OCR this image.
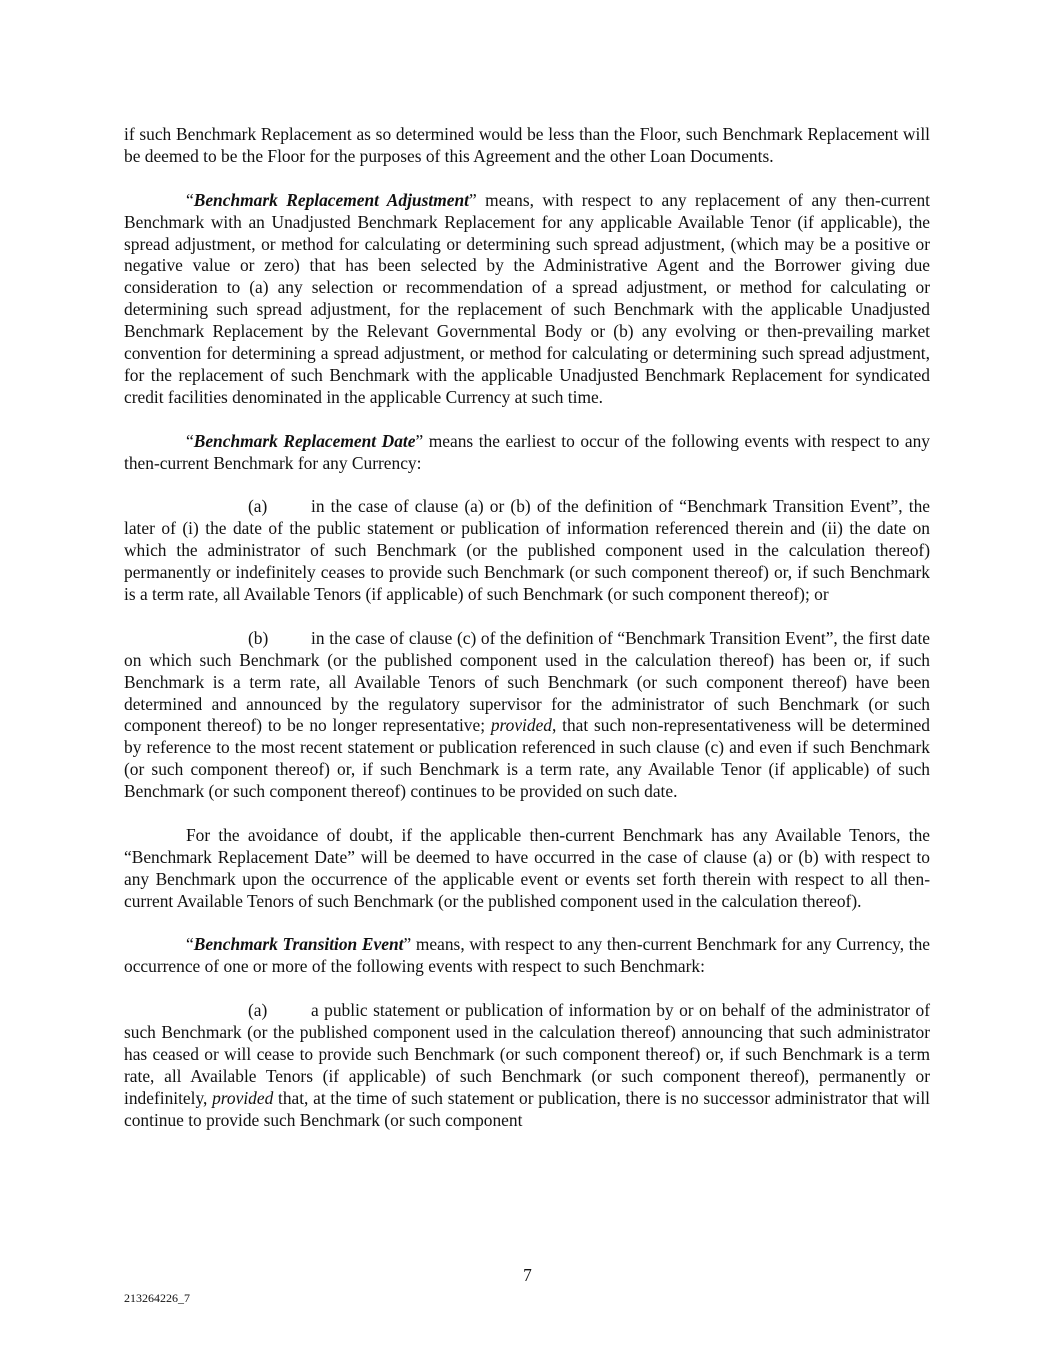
if such Benchmark Replacement as so determined would be less than the Floor, such Benchmark Replacement will be deemed to be the Floor for the purposes of this Agreement and the other Loan Documents.

“Benchmark Replacement Adjustment” means, with respect to any replacement of any then-current Benchmark with an Unadjusted Benchmark Replacement for any applicable Available Tenor (if applicable), the spread adjustment, or method for calculating or determining such spread adjustment, (which may be a positive or negative value or zero) that has been selected by the Administrative Agent and the Borrower giving due consideration to (a) any selection or recommendation of a spread adjustment, or method for calculating or determining such spread adjustment, for the replacement of such Benchmark with the applicable Unadjusted Benchmark Replacement by the Relevant Governmental Body or (b) any evolving or then-prevailing market convention for determining a spread adjustment, or method for calculating or determining such spread adjustment, for the replacement of such Benchmark with the applicable Unadjusted Benchmark Replacement for syndicated credit facilities denominated in the applicable Currency at such time.

“Benchmark Replacement Date” means the earliest to occur of the following events with respect to any then-current Benchmark for any Currency:

(a)	in the case of clause (a) or (b) of the definition of “Benchmark Transition Event”, the later of (i) the date of the public statement or publication of information referenced therein and (ii) the date on which the administrator of such Benchmark (or the published component used in the calculation thereof) permanently or indefinitely ceases to provide such Benchmark (or such component thereof) or, if such Benchmark is a term rate, all Available Tenors (if applicable) of such Benchmark (or such component thereof); or

(b) in the case of clause (c) of the definition of “Benchmark Transition Event”, the first date on which such Benchmark (or the published component used in the calculation thereof) has been or, if such Benchmark is a term rate, all Available Tenors of such Benchmark (or such component thereof) have been determined and announced by the regulatory supervisor for the administrator of such Benchmark (or such component thereof) to be no longer representative; provided, that such non-representativeness will be determined by reference to the most recent statement or publication referenced in such clause (c) and even if such Benchmark (or such component thereof) or, if such Benchmark is a term rate, any Available Tenor (if applicable) of such Benchmark (or such component thereof) continues to be provided on such date.

For the avoidance of doubt, if the applicable then-current Benchmark has any Available Tenors, the “Benchmark Replacement Date” will be deemed to have occurred in the case of clause (a) or (b) with respect to any Benchmark upon the occurrence of the applicable event or events set forth therein with respect to all then-current Available Tenors of such Benchmark (or the published component used in the calculation thereof).

“Benchmark Transition Event” means, with respect to any then-current Benchmark for any Currency, the occurrence of one or more of the following events with respect to such Benchmark:

(a)	a public statement or publication of information by or on behalf of the administrator of such Benchmark (or the published component used in the calculation thereof) announcing that such administrator has ceased or will cease to provide such Benchmark (or such component thereof) or, if such Benchmark is a term rate, all Available Tenors (if applicable) of such Benchmark (or such component thereof), permanently or indefinitely, provided that, at the time of such statement or publication, there is no successor administrator that will continue to provide such Benchmark (or such component

7
213264226_7
